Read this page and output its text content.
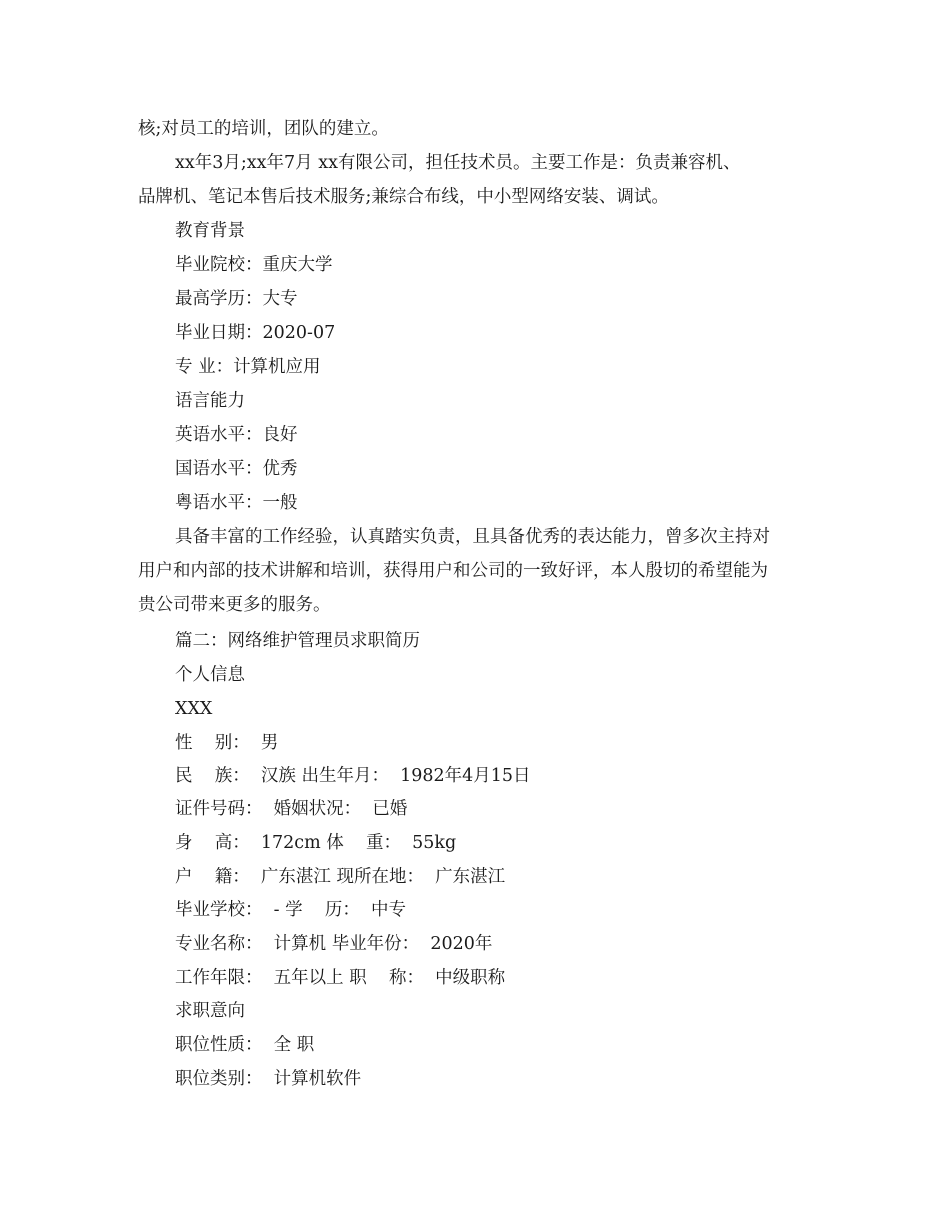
核;对员工的培训，团队的建立。
xx年3月;xx年7月 xx有限公司，担任技术员。主要工作是：负责兼容机、
品牌机、笔记本售后技术服务;兼综合布线，中小型网络安装、调试。
教育背景
毕业院校：重庆大学
最高学历：大专
毕业日期：2020-07
专 业：计算机应用
语言能力
英语水平：良好
国语水平：优秀
粤语水平：一般
具备丰富的工作经验，认真踏实负责，且具备优秀的表达能力，曾多次主持对
用户和内部的技术讲解和培训，获得用户和公司的一致好评，本人殷切的希望能为
贵公司带来更多的服务。
篇二：网络维护管理员求职简历
个人信息
XXX
性    别：  男
民    族：  汉族 出生年月：  1982年4月15日
证件号码：  婚姻状况：  已婚
身    高：  172cm 体    重：  55kg
户    籍：  广东湛江 现所在地：  广东湛江
毕业学校：  - 学    历：  中专
专业名称：  计算机 毕业年份：  2020年
工作年限：  五年以上 职    称：  中级职称
求职意向
职位性质：  全 职
职位类别：  计算机软件
